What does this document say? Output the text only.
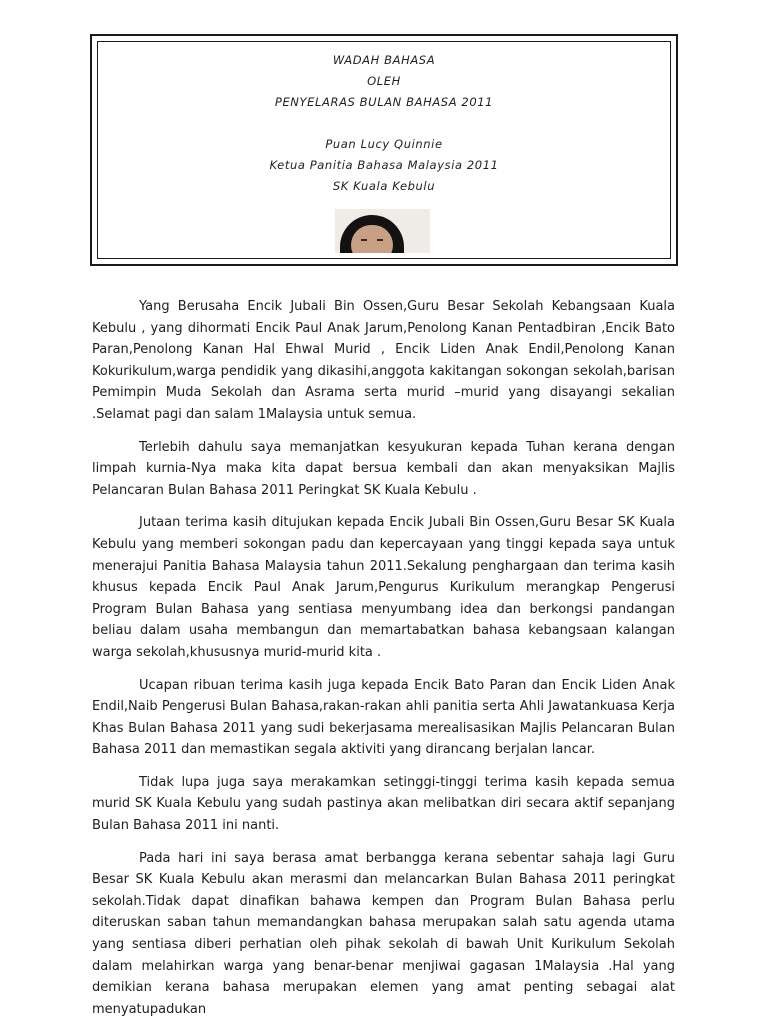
WADAH BAHASA
OLEH
PENYELARAS BULAN BAHASA 2011
Puan Lucy Quinnie
Ketua Panitia Bahasa Malaysia 2011
SK Kuala Kebulu

Yang Berusaha Encik Jubali Bin Ossen,Guru Besar Sekolah Kebangsaan Kuala Kebulu , yang dihormati Encik Paul Anak Jarum,Penolong Kanan Pentadbiran ,Encik Bato Paran,Penolong Kanan Hal Ehwal Murid , Encik Liden Anak Endil,Penolong Kanan Kokurikulum,warga pendidik yang dikasihi,anggota kakitangan sokongan sekolah,barisan Pemimpin Muda Sekolah dan Asrama serta murid –murid yang disayangi sekalian .Selamat pagi dan salam 1Malaysia untuk semua.

Terlebih dahulu saya memanjatkan kesyukuran kepada Tuhan kerana dengan limpah kurnia-Nya maka kita dapat bersua kembali dan akan menyaksikan Majlis Pelancaran Bulan Bahasa 2011 Peringkat SK Kuala Kebulu .

Jutaan terima kasih ditujukan kepada Encik Jubali Bin Ossen,Guru Besar SK Kuala Kebulu yang memberi sokongan padu dan kepercayaan yang tinggi kepada saya untuk menerajui Panitia Bahasa Malaysia tahun 2011.Sekalung penghargaan dan terima kasih khusus kepada Encik Paul Anak Jarum,Pengurus Kurikulum merangkap Pengerusi Program Bulan Bahasa yang sentiasa menyumbang idea dan berkongsi pandangan beliau dalam usaha membangun dan memartabatkan bahasa kebangsaan kalangan warga sekolah,khususnya murid-murid kita .

Ucapan ribuan terima kasih juga kepada Encik Bato Paran dan Encik Liden Anak Endil,Naib Pengerusi Bulan Bahasa,rakan-rakan ahli panitia serta Ahli Jawatankuasa Kerja Khas Bulan Bahasa 2011 yang sudi bekerjasama merealisasikan Majlis Pelancaran Bulan Bahasa 2011 dan memastikan segala aktiviti yang dirancang berjalan lancar.

Tidak lupa juga saya merakamkan setinggi-tinggi terima kasih kepada semua murid SK Kuala Kebulu yang sudah pastinya akan melibatkan diri secara aktif sepanjang Bulan Bahasa 2011 ini nanti.

Pada hari ini saya berasa amat berbangga kerana sebentar sahaja lagi Guru Besar SK Kuala Kebulu akan merasmi dan melancarkan Bulan Bahasa 2011 peringkat sekolah.Tidak dapat dinafikan bahawa kempen dan Program Bulan Bahasa perlu diteruskan saban tahun memandangkan bahasa merupakan salah satu agenda utama yang sentiasa diberi perhatian oleh pihak sekolah di bawah Unit Kurikulum Sekolah dalam melahirkan warga yang benar-benar menjiwai gagasan 1Malaysia .Hal yang demikian kerana bahasa merupakan elemen yang amat penting sebagai alat menyatupadukan
